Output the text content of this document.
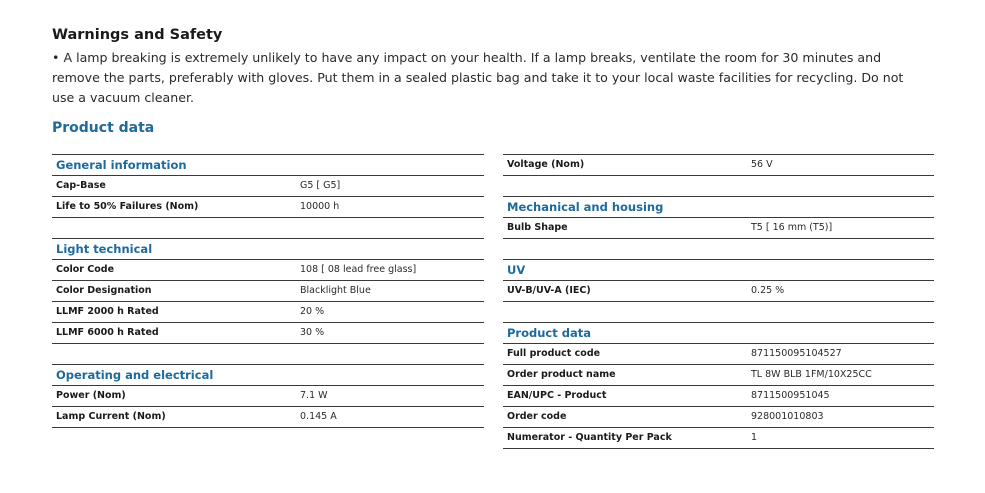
Warnings and Safety
• A lamp breaking is extremely unlikely to have any impact on your health. If a lamp breaks, ventilate the room for 30 minutes and remove the parts, preferably with gloves. Put them in a sealed plastic bag and take it to your local waste facilities for recycling. Do not use a vacuum cleaner.
Product data
General information
Cap-Base	G5 [ G5]
Life to 50% Failures (Nom)	10000 h
Light technical
Color Code	108 [ 08 lead free glass]
Color Designation	Blacklight Blue
LLMF 2000 h Rated	20 %
LLMF 6000 h Rated	30 %
Operating and electrical
Power (Nom)	7.1 W
Lamp Current (Nom)	0.145 A
Voltage (Nom)	56 V
Mechanical and housing
Bulb Shape	T5 [ 16 mm (T5)]
UV
UV-B/UV-A (IEC)	0.25 %
Product data
Full product code	871150095104527
Order product name	TL 8W BLB 1FM/10X25CC
EAN/UPC - Product	8711500951045
Order code	928001010803
Numerator - Quantity Per Pack	1
